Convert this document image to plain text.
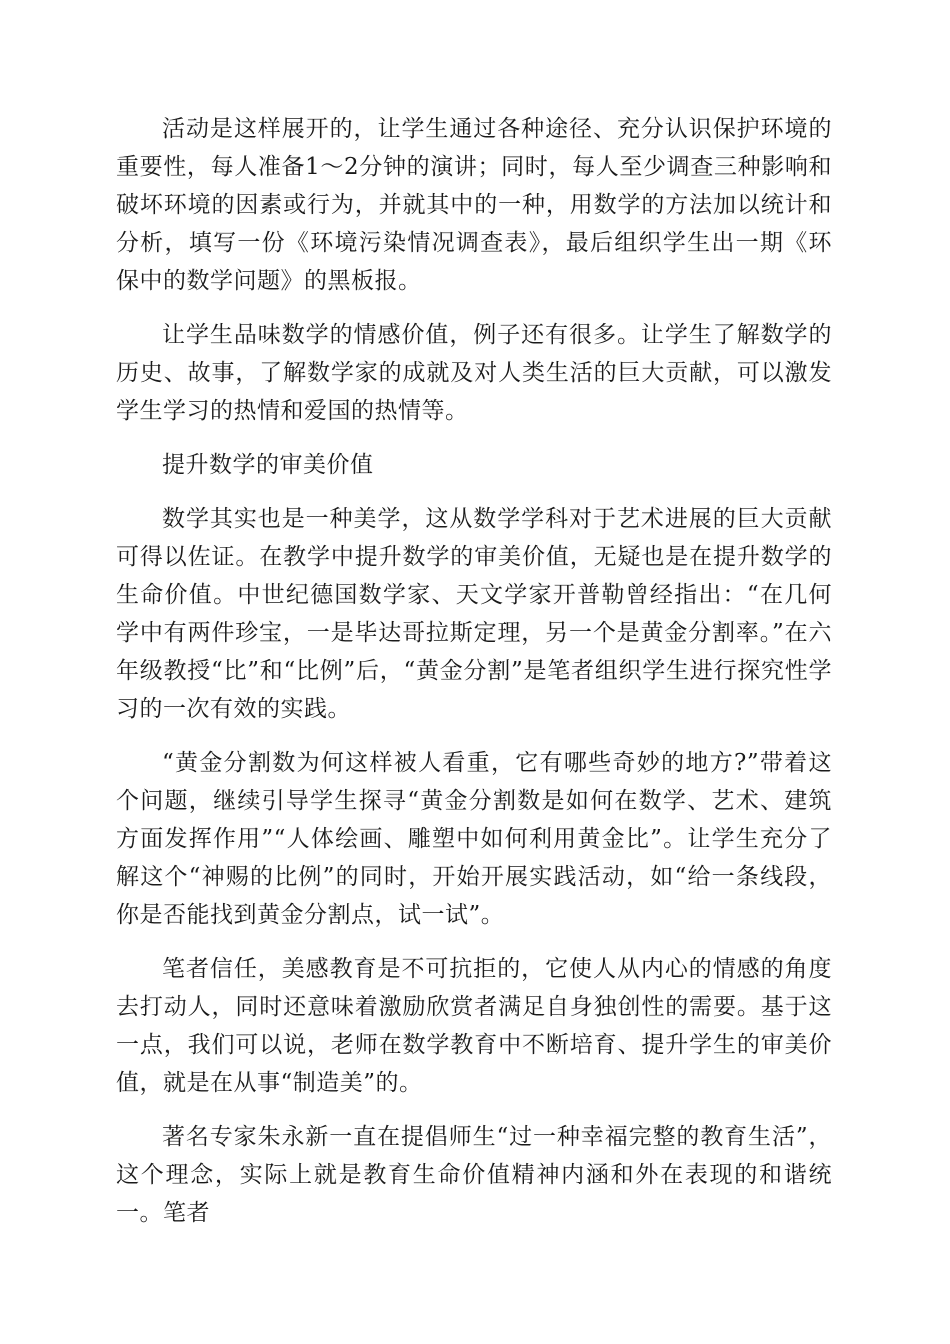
活动是这样展开的，让学生通过各种途径、充分认识保护环境的重要性，每人准备1～2分钟的演讲；同时，每人至少调查三种影响和破坏环境的因素或行为，并就其中的一种，用数学的方法加以统计和分析，填写一份《环境污染情况调查表》，最后组织学生出一期《环保中的数学问题》的黑板报。

让学生品味数学的情感价值，例子还有很多。让学生了解数学的历史、故事，了解数学家的成就及对人类生活的巨大贡献，可以激发学生学习的热情和爱国的热情等。

提升数学的审美价值

数学其实也是一种美学，这从数学学科对于艺术进展的巨大贡献可得以佐证。在教学中提升数学的审美价值，无疑也是在提升数学的生命价值。中世纪德国数学家、天文学家开普勒曾经指出：“在几何学中有两件珍宝，一是毕达哥拉斯定理，另一个是黄金分割率。”在六年级教授“比”和“比例”后，“黄金分割”是笔者组织学生进行探究性学习的一次有效的实践。

“黄金分割数为何这样被人看重，它有哪些奇妙的地方?”带着这个问题，继续引导学生探寻“黄金分割数是如何在数学、艺术、建筑方面发挥作用”“人体绘画、雕塑中如何利用黄金比”。让学生充分了解这个“神赐的比例”的同时，开始开展实践活动，如“给一条线段，你是否能找到黄金分割点，试一试”。

笔者信任，美感教育是不可抗拒的，它使人从内心的情感的角度去打动人，同时还意味着激励欣赏者满足自身独创性的需要。基于这一点，我们可以说，老师在数学教育中不断培育、提升学生的审美价值，就是在从事“制造美”的。

著名专家朱永新一直在提倡师生“过一种幸福完整的教育生活”，这个理念，实际上就是教育生命价值精神内涵和外在表现的和谐统一。笔者
